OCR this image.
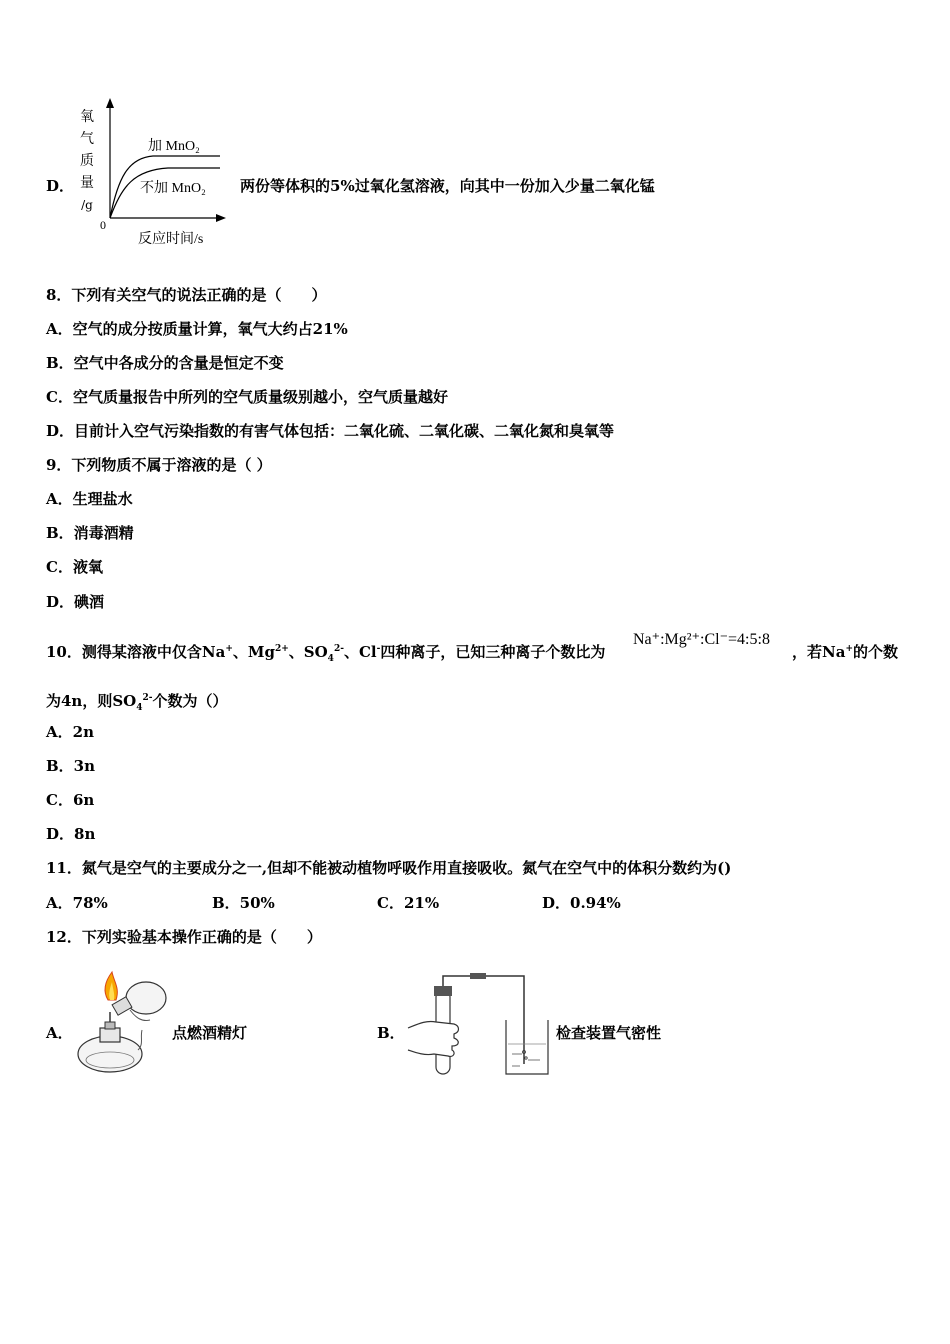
D．
氧
气
质
量
/g
0
反应时间/s
加 MnO₂
不加 MnO₂ 两份等体积的5%过氧化氢溶液，向其中一份加入少量二氧化锰
8．下列有关空气的说法正确的是（　　）
A．空气的成分按质量计算，氧气大约占21%
B．空气中各成分的含量是恒定不变
C．空气质量报告中所列的空气质量级别越小，空气质量越好
D．目前计入空气污染指数的有害气体包括：二氧化硫、二氧化碳、二氧化氮和臭氧等
9．下列物质不属于溶液的是（ ）
A．生理盐水
B．消毒酒精
C．液氧
D．碘酒
10．测得某溶液中仅含Na+、$Mg^{2+}$、$SO_4^{2-}$、Cl-四种离子，已知三种离子个数比为
Na⁺:Mg²⁺:Cl⁻=4:5:8
，若Na+的个数
为4n，则$SO_4^{2-}$个数为（）
A．2n
B．3n
C．6n
D．8n
11．氮气是空气的主要成分之一,但却不能被动植物呼吸作用直接吸收。氮气在空气中的体积分数约为()
A．78%	B．50%	C．21%	D．0.94%
12．下列实验基本操作正确的是（　　）
A．	点燃酒精灯	B．	检查装置气密性
